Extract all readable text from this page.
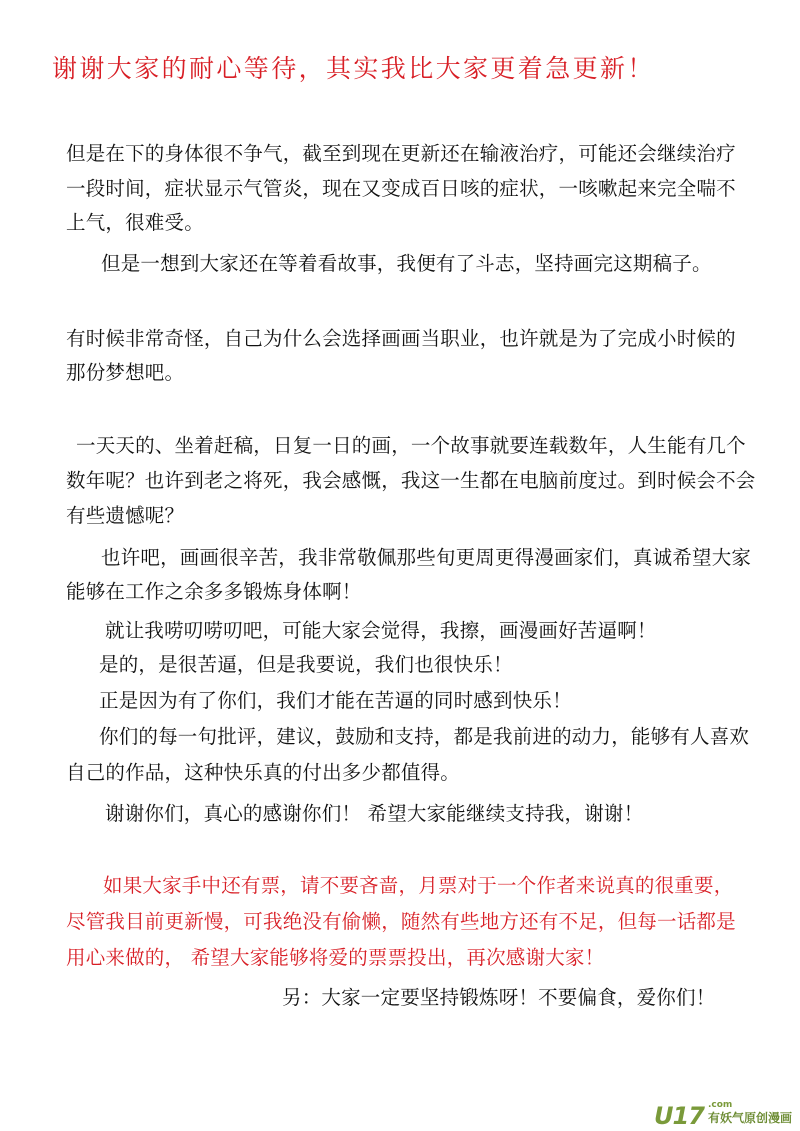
谢谢大家的耐心等待，其实我比大家更着急更新！
但是在下的身体很不争气，截至到现在更新还在输液治疗，可能还会继续治疗
一段时间，症状显示气管炎，现在又变成百日咳的症状，一咳嗽起来完全喘不
上气，很难受。
但是一想到大家还在等着看故事，我便有了斗志，坚持画完这期稿子。
有时候非常奇怪，自己为什么会选择画画当职业，也许就是为了完成小时候的
那份梦想吧。
一天天的、坐着赶稿，日复一日的画，一个故事就要连载数年，人生能有几个
数年呢？也许到老之将死，我会感慨，我这一生都在电脑前度过。到时候会不会
有些遗憾呢？
也许吧，画画很辛苦，我非常敬佩那些旬更周更得漫画家们，真诚希望大家
能够在工作之余多多锻炼身体啊！
就让我唠叨唠叨吧，可能大家会觉得，我擦，画漫画好苦逼啊！
是的，是很苦逼，但是我要说，我们也很快乐！
正是因为有了你们，我们才能在苦逼的同时感到快乐！
你们的每一句批评，建议，鼓励和支持，都是我前进的动力，能够有人喜欢
自己的作品，这种快乐真的付出多少都值得。
谢谢你们，真心的感谢你们！ 希望大家能继续支持我，谢谢！
如果大家手中还有票，请不要吝啬，月票对于一个作者来说真的很重要，
尽管我目前更新慢，可我绝没有偷懒，随然有些地方还有不足，但每一话都是
用心来做的， 希望大家能够将爱的票票投出，再次感谢大家！
另：大家一定要坚持锻炼呀！不要偏食，爱你们！
U17 .com
有妖气原创漫画
